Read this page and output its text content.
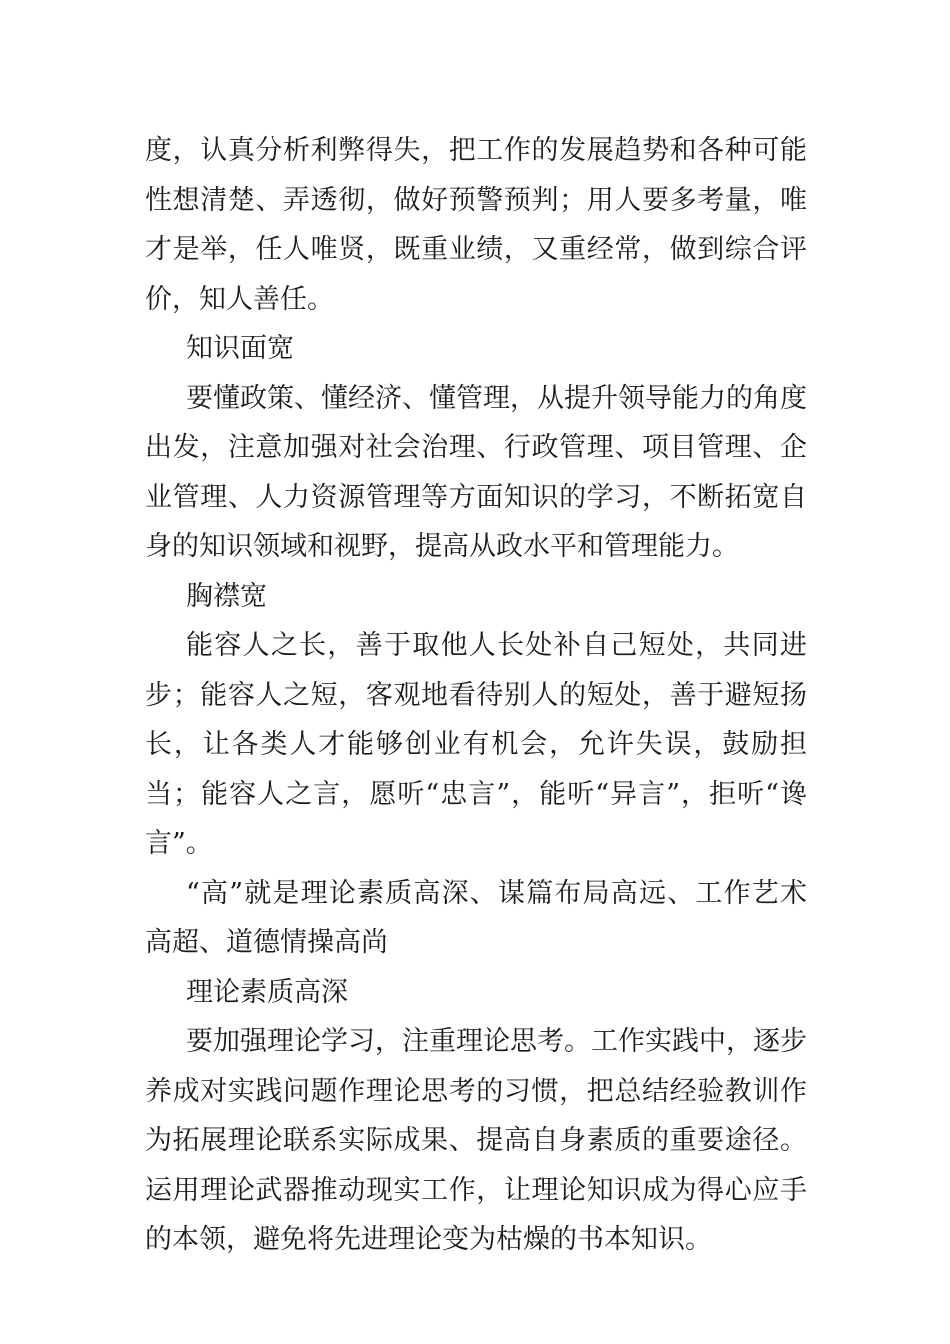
度，认真分析利弊得失，把工作的发展趋势和各种可能性想清楚、弄透彻，做好预警预判；用人要多考量，唯才是举，任人唯贤，既重业绩，又重经常，做到综合评价，知人善任。

知识面宽

要懂政策、懂经济、懂管理，从提升领导能力的角度出发，注意加强对社会治理、行政管理、项目管理、企业管理、人力资源管理等方面知识的学习，不断拓宽自身的知识领域和视野，提高从政水平和管理能力。

胸襟宽

能容人之长，善于取他人长处补自己短处，共同进步；能容人之短，客观地看待别人的短处，善于避短扬长，让各类人才能够创业有机会，允许失误，鼓励担当；能容人之言，愿听“忠言”，能听“异言”，拒听“谗言”。

“高”就是理论素质高深、谋篇布局高远、工作艺术高超、道德情操高尚

理论素质高深

要加强理论学习，注重理论思考。工作实践中，逐步养成对实践问题作理论思考的习惯，把总结经验教训作为拓展理论联系实际成果、提高自身素质的重要途径。运用理论武器推动现实工作，让理论知识成为得心应手的本领，避免将先进理论变为枯燥的书本知识。
